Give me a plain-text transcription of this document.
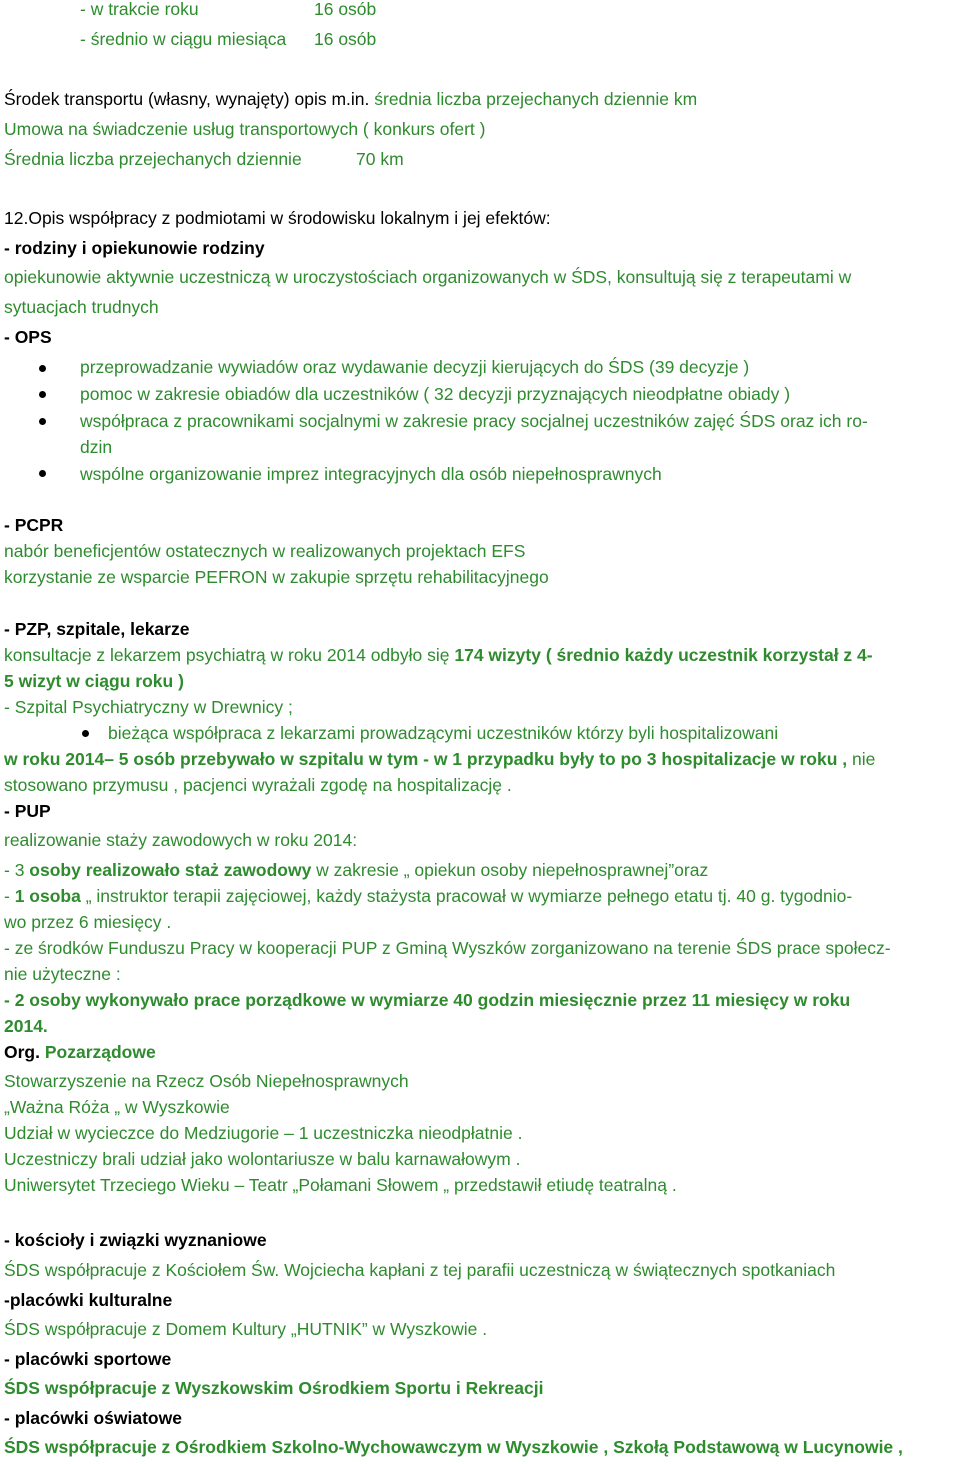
- w trakcie roku	16 osób
- średnio w ciągu miesiąca 16 osób
Środek transportu (własny, wynajęty) opis m.in. średnia liczba przejechanych dziennie km
Umowa na świadczenie usług transportowych ( konkurs ofert )
Średnia liczba przejechanych dziennie	70 km
12.Opis współpracy z podmiotami w środowisku lokalnym i jej efektów:
- rodziny i opiekunowie rodziny
opiekunowie aktywnie uczestniczą w uroczystościach organizowanych w ŚDS, konsultują się z terapeutami w
sytuacjach trudnych
- OPS
przeprowadzanie wywiadów oraz wydawanie decyzji kierujących do ŚDS (39 decyzje )
pomoc w zakresie obiadów dla uczestników ( 32 decyzji przyznających nieodpłatne obiady )
współpraca z pracownikami socjalnymi w zakresie pracy socjalnej uczestników zajęć ŚDS oraz ich ro-
dzin
wspólne organizowanie imprez integracyjnych dla osób niepełnosprawnych
- PCPR
nabór beneficjentów ostatecznych w realizowanych projektach EFS
korzystanie ze wsparcie PEFRON w zakupie sprzętu rehabilitacyjnego
- PZP, szpitale, lekarze
konsultacje z lekarzem psychiatrą w roku 2014 odbyło się 174 wizyty ( średnio każdy uczestnik korzystał z 4-
5 wizyt w ciągu roku )
- Szpital Psychiatryczny w Drewnicy ;
bieżąca współpraca z lekarzami prowadzącymi uczestników którzy byli hospitalizowani
w roku 2014– 5 osób przebywało w szpitalu w tym - w 1 przypadku były to po 3 hospitalizacje w roku , nie
stosowano przymusu , pacjenci wyrażali zgodę na hospitalizację .
- PUP
realizowanie staży zawodowych w roku 2014:
- 3 osoby realizowało staż zawodowy w zakresie „ opiekun osoby niepełnosprawnej”oraz
- 1 osoba „ instruktor terapii zajęciowej, każdy stażysta pracował w wymiarze pełnego etatu tj. 40 g. tygodnio-
wo przez 6 miesięcy .
- ze środków Funduszu Pracy w kooperacji PUP z Gminą Wyszków zorganizowano na terenie ŚDS prace społecz-
nie użyteczne :
- 2 osoby wykonywało prace porządkowe w wymiarze 40 godzin miesięcznie przez 11 miesięcy w roku
2014.
Org. Pozarządowe
Stowarzyszenie na Rzecz Osób Niepełnosprawnych
„Ważna Róża „ w Wyszkowie
Udział w wycieczce do Medziugorie – 1 uczestniczka nieodpłatnie .
Uczestniczy brali udział jako wolontariusze w balu karnawałowym .
Uniwersytet Trzeciego Wieku – Teatr „Połamani Słowem „ przedstawił etiudę teatralną .
- kościoły i związki wyznaniowe
ŚDS współpracuje z Kościołem Św. Wojciecha kapłani z tej parafii uczestniczą w świątecznych spotkaniach
-placówki kulturalne
ŚDS współpracuje z Domem Kultury „HUTNIK” w Wyszkowie .
- placówki sportowe
ŚDS współpracuje z Wyszkowskim Ośrodkiem Sportu i Rekreacji
- placówki oświatowe
ŚDS współpracuje z Ośrodkiem Szkolno-Wychowawczym w Wyszkowie , Szkołą Podstawową w Lucynowie ,
